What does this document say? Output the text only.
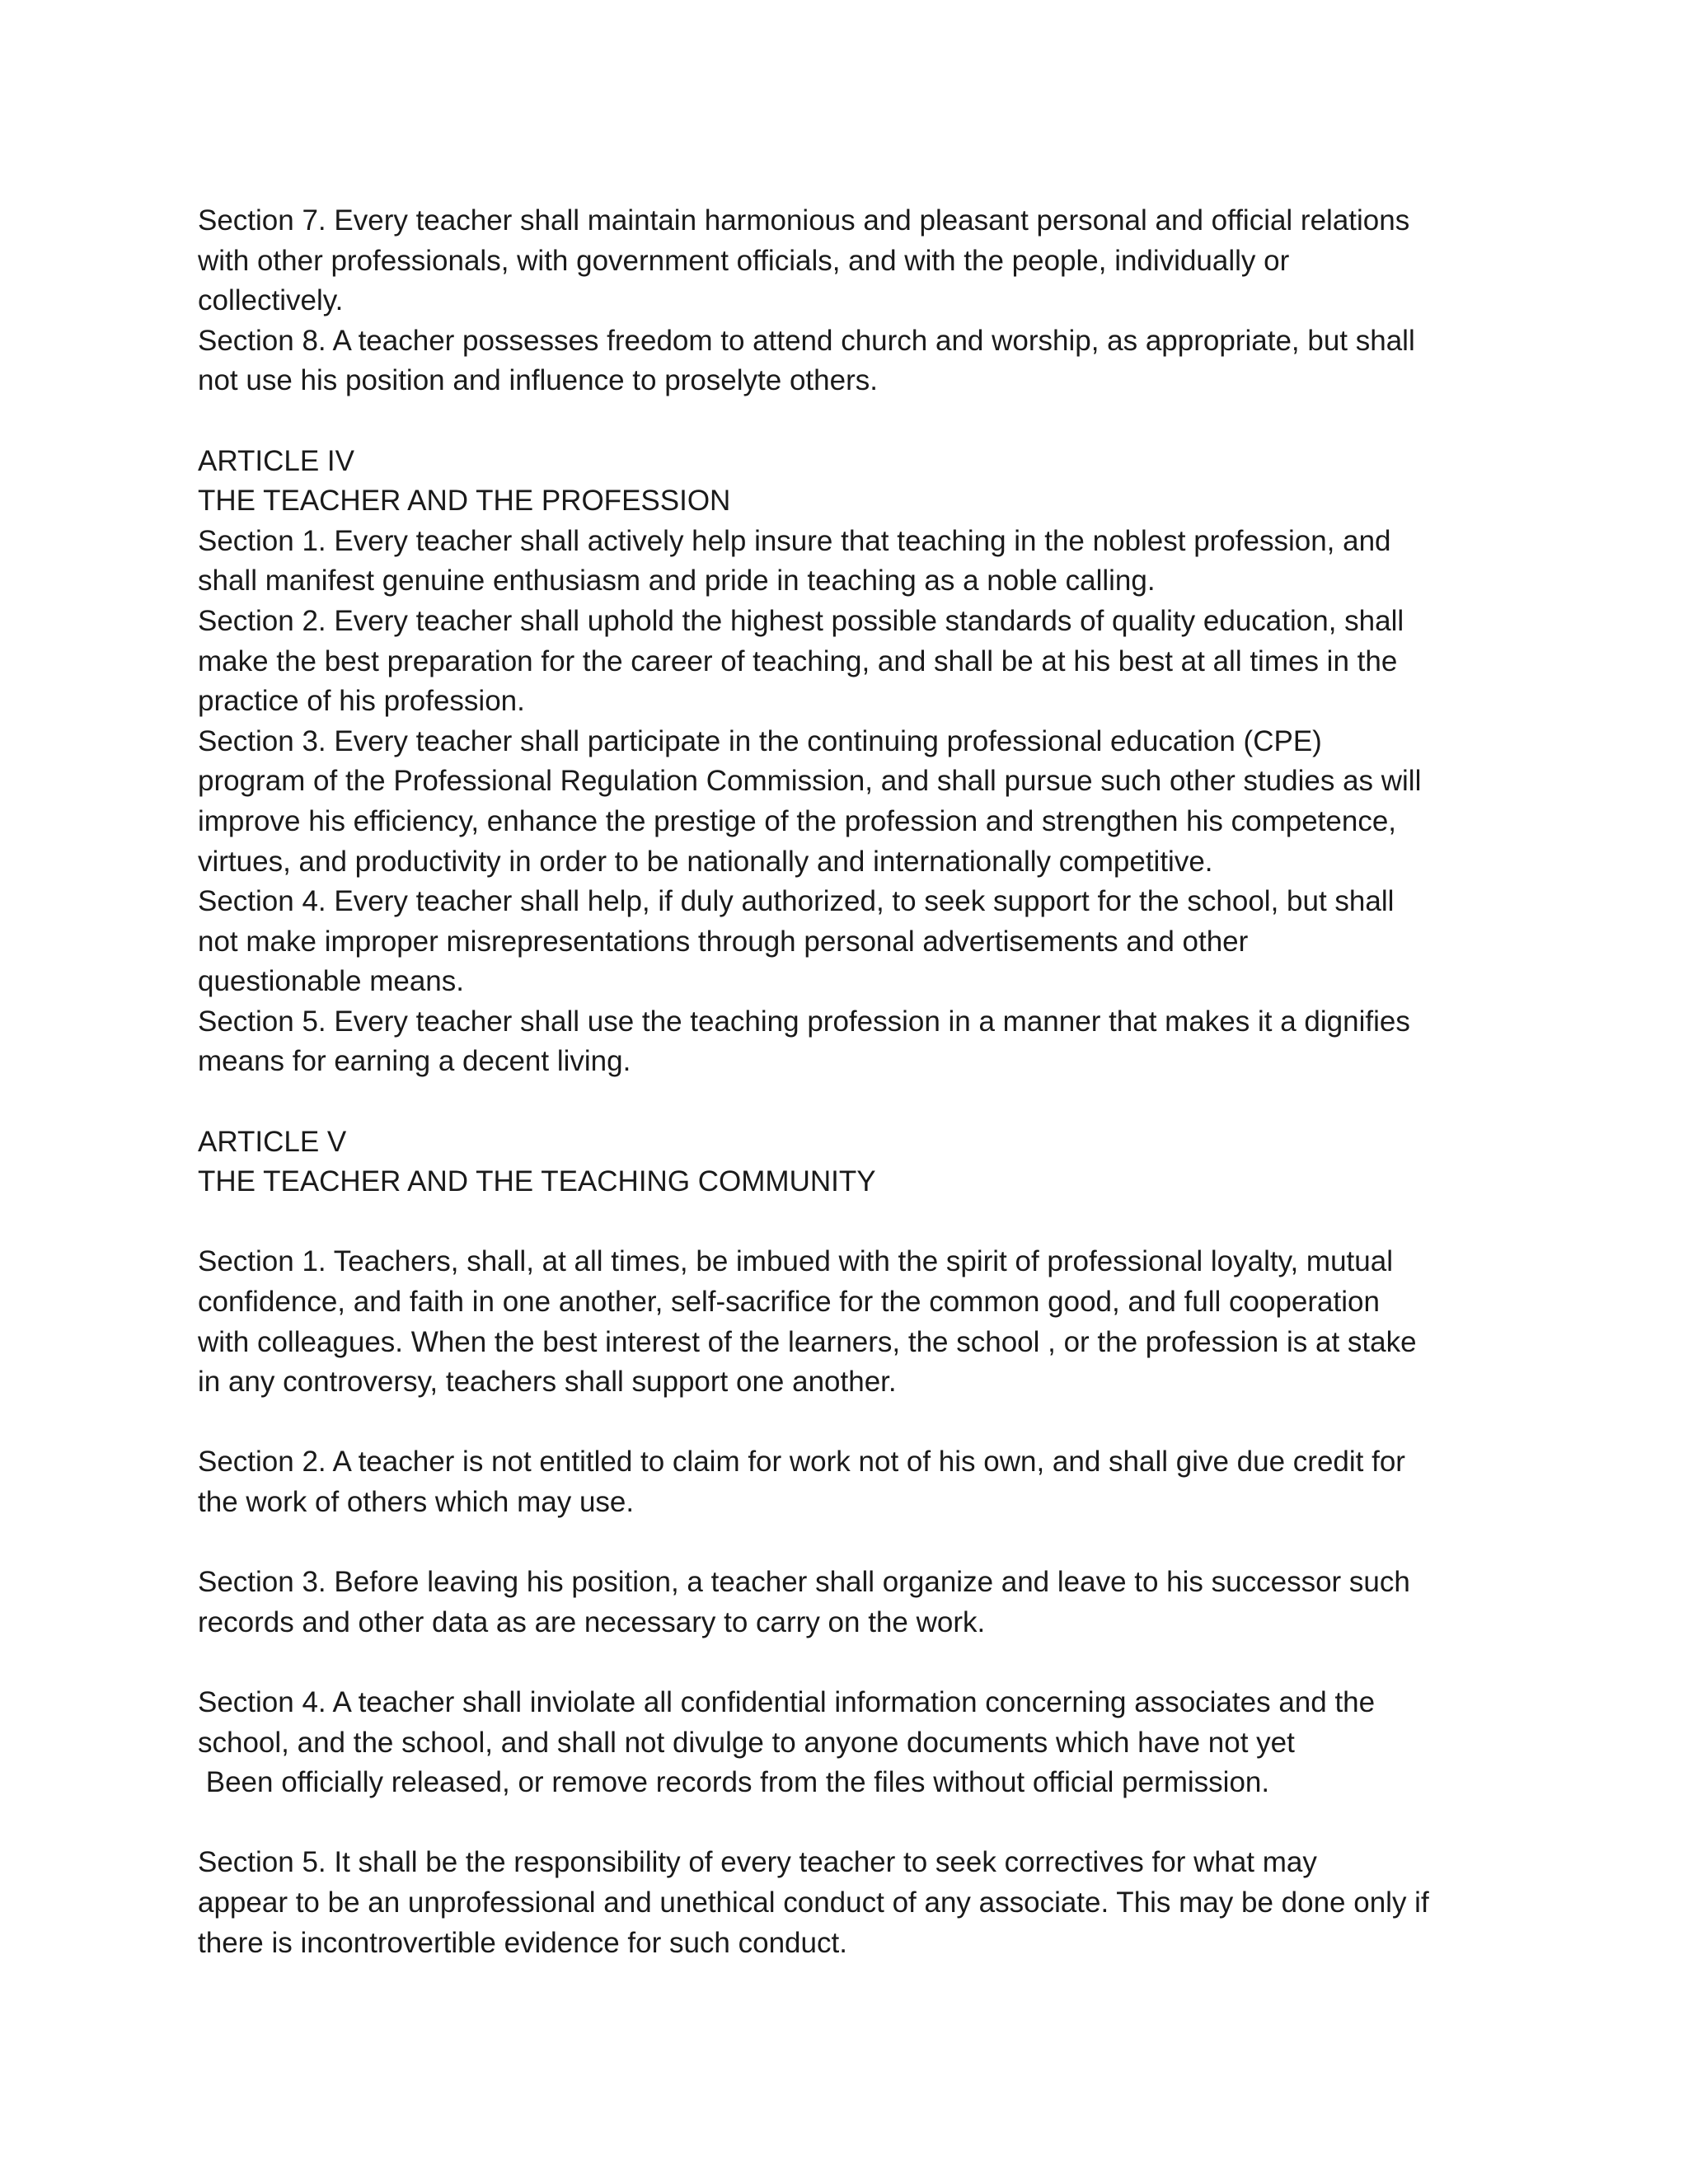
Section 7. Every teacher shall maintain harmonious and pleasant personal and official relations
with other professionals, with government officials, and with the people, individually or
collectively.
Section 8. A teacher possesses freedom to attend church and worship, as appropriate, but shall
not use his position and influence to proselyte others.
ARTICLE IV
THE TEACHER AND THE PROFESSION
Section 1. Every teacher shall actively help insure that teaching in the noblest profession, and
shall manifest genuine enthusiasm and pride in teaching as a noble calling.
Section 2. Every teacher shall uphold the highest possible standards of quality education, shall
make the best preparation for the career of teaching, and shall be at his best at all times in the
practice of his profession.
Section 3. Every teacher shall participate in the continuing professional education (CPE)
program of the Professional Regulation Commission, and shall pursue such other studies as will
improve his efficiency, enhance the prestige of the profession and strengthen his competence,
virtues, and productivity in order to be nationally and internationally competitive.
Section 4. Every teacher shall help, if duly authorized, to seek support for the school, but shall
not make improper misrepresentations through personal advertisements and other
questionable means.
Section 5. Every teacher shall use the teaching profession in a manner that makes it a dignifies
means for earning a decent living.
ARTICLE V
THE TEACHER AND THE TEACHING COMMUNITY
Section 1. Teachers, shall, at all times, be imbued with the spirit of professional loyalty, mutual
confidence, and faith in one another, self-sacrifice for the common good, and full cooperation
with colleagues. When the best interest of the learners, the school , or the profession is at stake
in any controversy, teachers shall support one another.
Section 2. A teacher is not entitled to claim for work not of his own, and shall give due credit for
the work of others which may use.
Section 3. Before leaving his position, a teacher shall organize and leave to his successor such
records and other data as are necessary to carry on the work.
Section 4. A teacher shall inviolate all confidential information concerning associates and the
school, and the school, and shall not divulge to anyone documents which have not yet
Been officially released, or remove records from the files without official permission.
Section 5. It shall be the responsibility of every teacher to seek correctives for what may
appear to be an unprofessional and unethical conduct of any associate. This may be done only if
there is incontrovertible evidence for such conduct.
